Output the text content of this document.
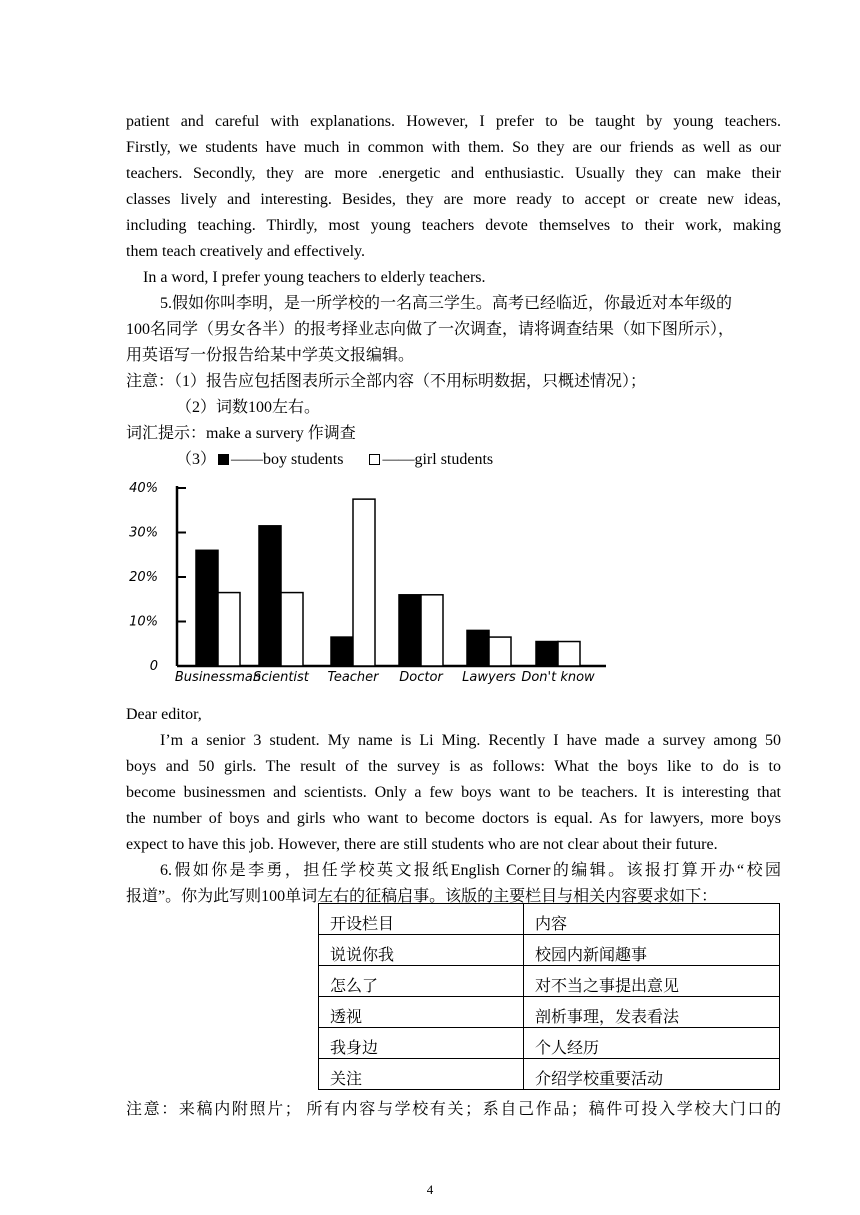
patient and careful with explanations. However, I prefer to be taught by young teachers.
Firstly, we students have much in common with them. So they are our friends as well as our
teachers. Secondly, they are more .energetic and enthusiastic. Usually they can make their
classes lively and interesting. Besides, they are more ready to accept or create new ideas,
including teaching. Thirdly, most young teachers devote themselves to their work, making
them teach creatively and effectively.
In a word, I prefer young teachers to elderly teachers.
5.假如你叫李明，是一所学校的一名高三学生。高考已经临近，你最近对本年级的
100名同学（男女各半）的报考择业志向做了一次调查，请将调查结果（如下图所示），
用英语写一份报告给某中学英文报编辑。
注意：（1）报告应包括图表所示全部内容（不用标明数据，只概述情况）；
（2）词数100左右。
词汇提示：make a survery 作调查
（3） ——boy students ——girl students
0
10%
20%
30%
40%
Businessman
Scientist Teacher Doctor Lawyers Don't know
Dear editor,
I’m a senior 3 student. My name is Li Ming. Recently I have made a survey among 50
boys and 50 girls. The result of the survey is as follows: What the boys like to do is to
become businessmen and scientists. Only a few boys want to be teachers. It is interesting that
the number of boys and girls who want to become doctors is equal. As for lawyers, more boys
expect to have this job. However, there are still students who are not clear about their future.
6.假如你是李勇，担任学校英文报纸English Corner的编辑。该报打算开办“校园
报道”。你为此写则100单词左右的征稿启事。该版的主要栏目与相关内容要求如下：
开设栏目	内容
说说你我	校园内新闻趣事
怎么了	对不当之事提出意见
透视	剖析事理，发表看法
我身边	个人经历
关注	介绍学校重要活动
注意：来稿内附照片； 所有内容与学校有关；系自己作品；稿件可投入学校大门口的
4
